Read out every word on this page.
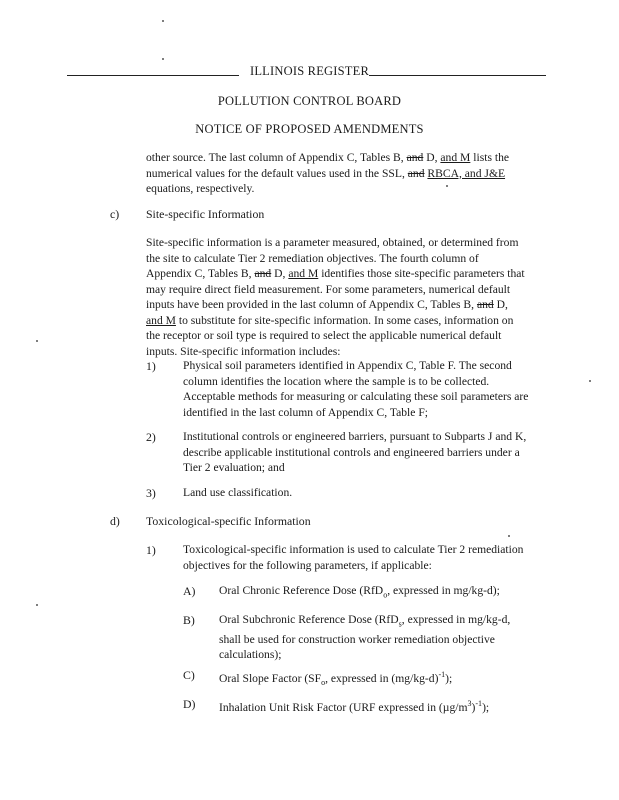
ILLINOIS REGISTER
POLLUTION CONTROL BOARD
NOTICE OF PROPOSED AMENDMENTS
other source. The last column of Appendix C, Tables B, and D, and M lists the
numerical values for the default values used in the SSL, and RBCA, and J&E
equations, respectively.
c) Site-specific Information
Site-specific information is a parameter measured, obtained, or determined from
the site to calculate Tier 2 remediation objectives. The fourth column of
Appendix C, Tables B, and D, and M identifies those site-specific parameters that
may require direct field measurement. For some parameters, numerical default
inputs have been provided in the last column of Appendix C, Tables B, and D,
and M to substitute for site-specific information. In some cases, information on
the receptor or soil type is required to select the applicable numerical default
inputs. Site-specific information includes:
1) Physical soil parameters identified in Appendix C, Table F. The second
column identifies the location where the sample is to be collected.
Acceptable methods for measuring or calculating these soil parameters are
identified in the last column of Appendix C, Table F;
2) Institutional controls or engineered barriers, pursuant to Subparts J and K,
describe applicable institutional controls and engineered barriers under a
Tier 2 evaluation; and
3) Land use classification.
d) Toxicological-specific Information
1) Toxicological-specific information is used to calculate Tier 2 remediation
objectives for the following parameters, if applicable:
A) Oral Chronic Reference Dose (RfD$_o$, expressed in mg/kg-d);
B) Oral Subchronic Reference Dose (RfD$_s$, expressed in mg/kg-d,
shall be used for construction worker remediation objective
calculations);
C) Oral Slope Factor ($SF_o$, expressed in $(mg/kg-d)^{-1}$);
D) Inhalation Unit Risk Factor (URF expressed in $(\mu g/m^3)^{-1}$);
